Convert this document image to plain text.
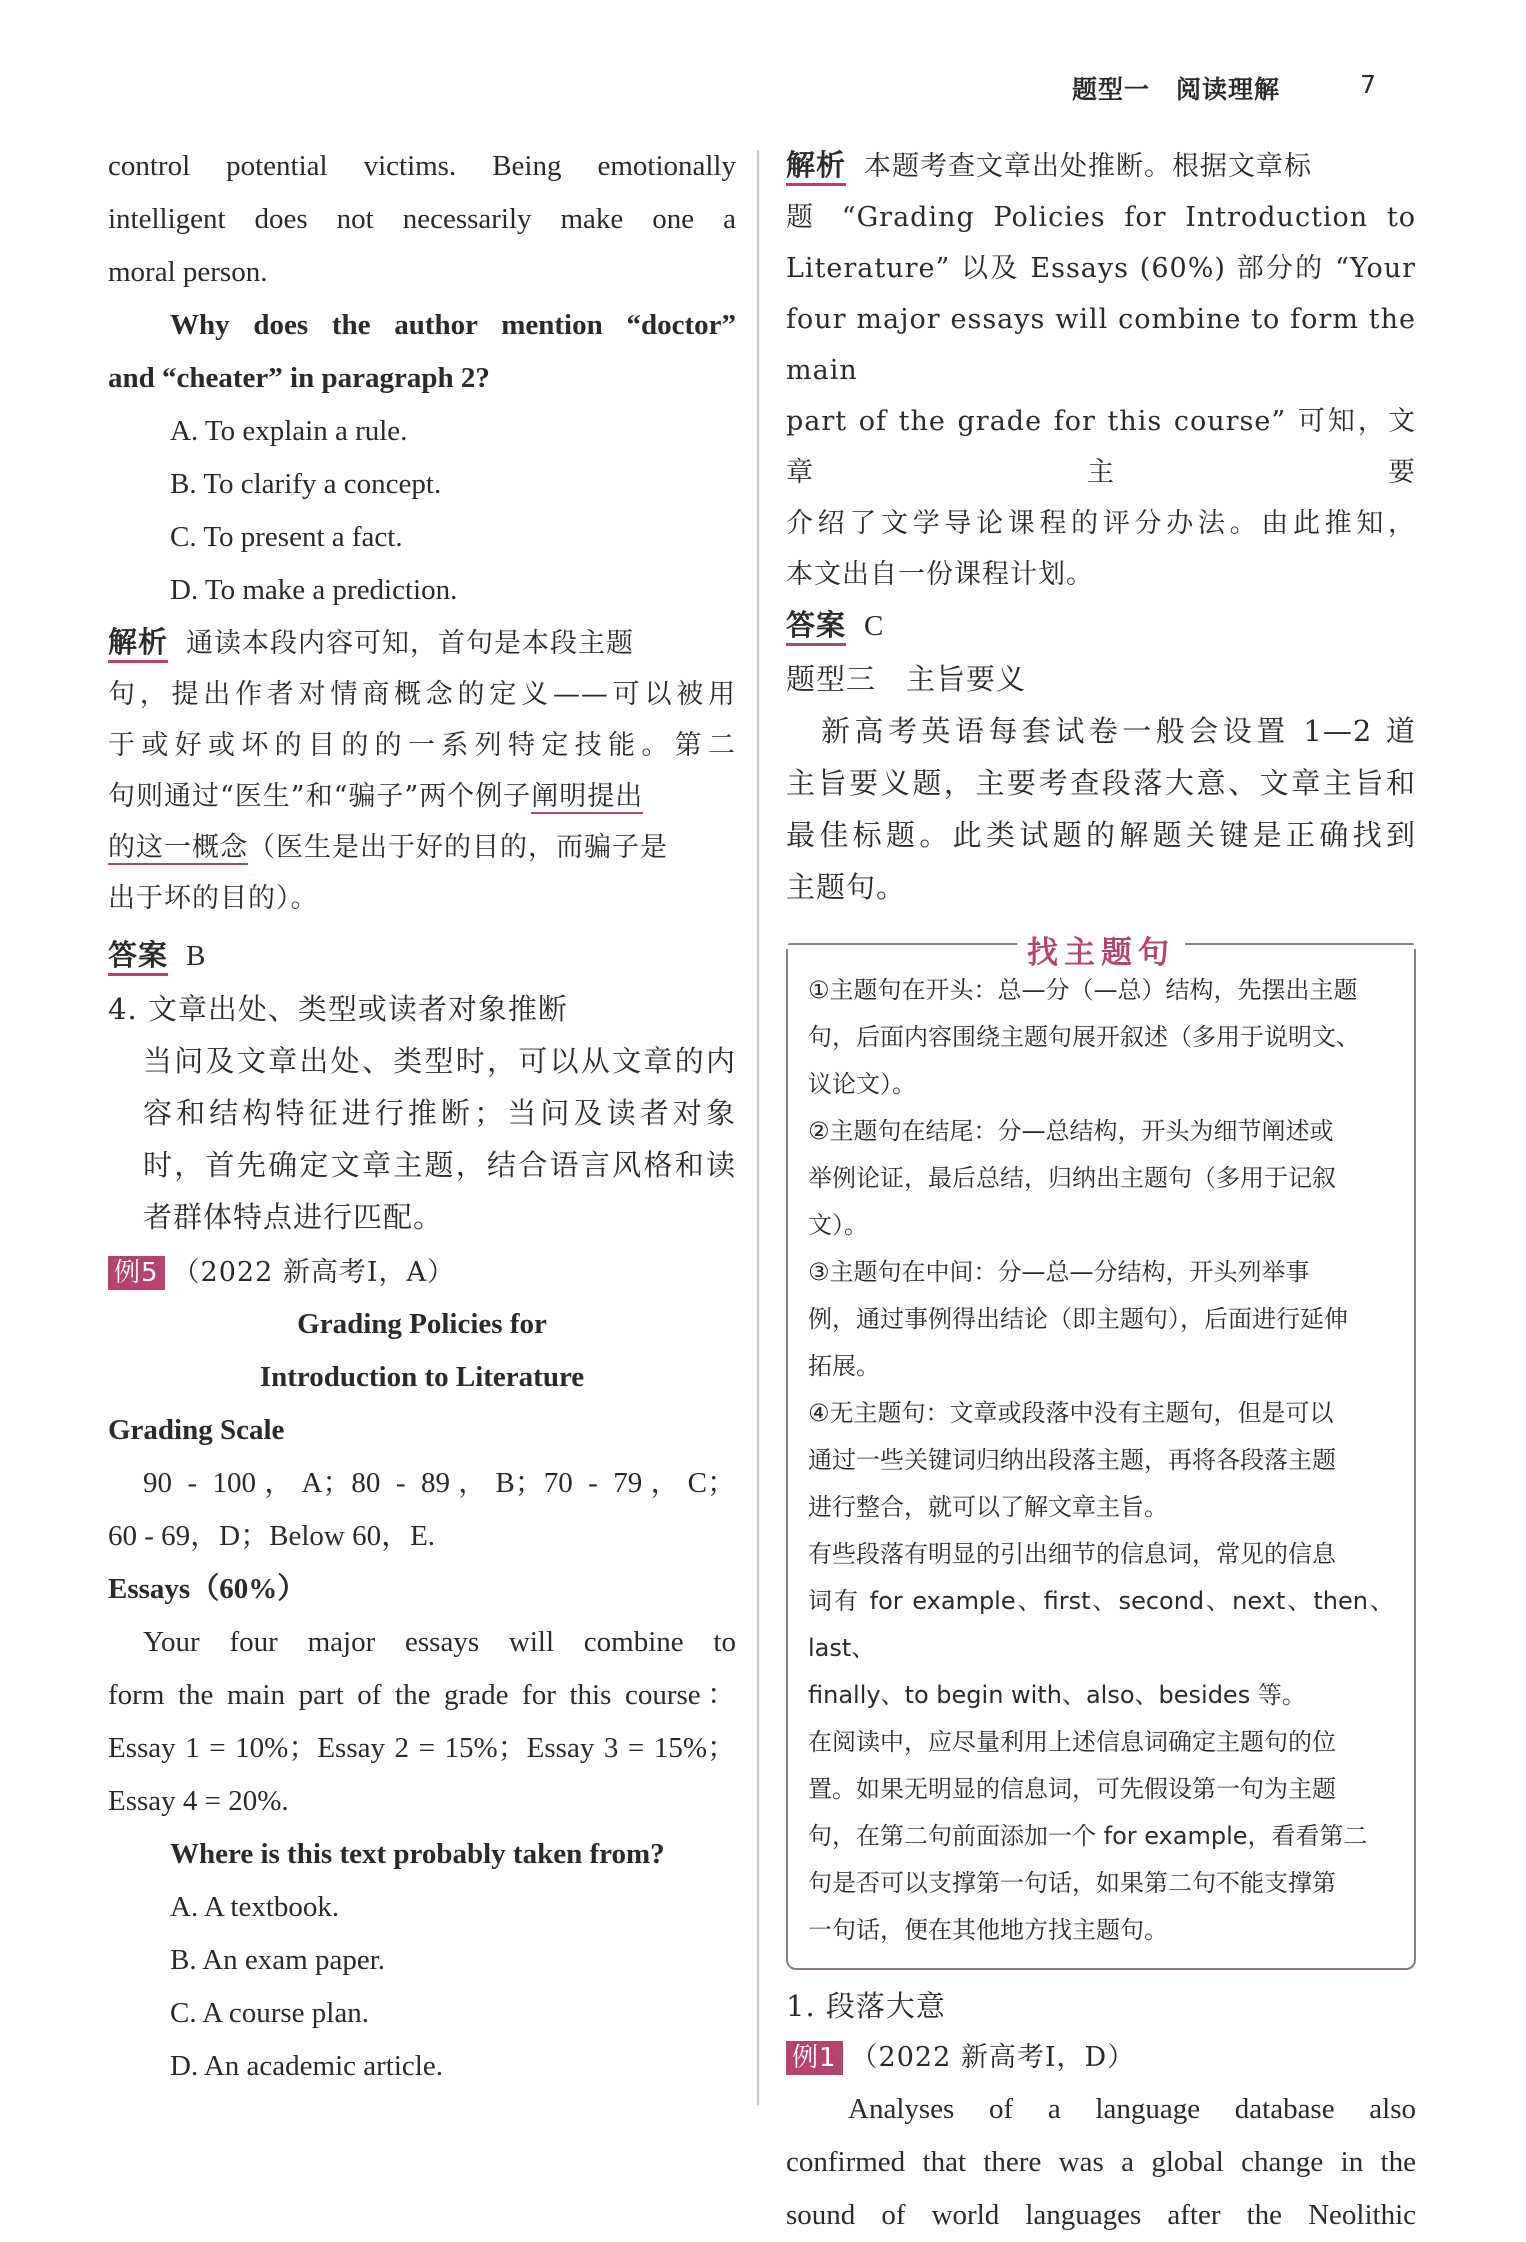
题型一　阅读理解	7

control potential victims. Being emotionally

intelligent does not necessarily make one a

moral person.

Why does the author mention “doctor”

and “cheater” in paragraph 2?

A. To explain a rule.

B. To clarify a concept.

C. To present a fact.

D. To make a prediction.

解析 通读本段内容可知，首句是本段主题

句，提出作者对情商概念的定义——可以被用

于或好或坏的目的的一系列特定技能。第二

句则通过“医生”和“骗子”两个例子阐明提出

的这一概念（医生是出于好的目的，而骗子是

出于坏的目的）。

答案 B

4. 文章出处、类型或读者对象推断

当问及文章出处、类型时，可以从文章的内

容和结构特征进行推断；当问及读者对象

时，首先确定文章主题，结合语言风格和读

者群体特点进行匹配。

例5 （2022 新高考Ⅰ，A）

Grading Policies for

Introduction to Literature

Grading Scale

90 - 100，A；80 - 89，B；70 - 79，C；

60 - 69，D；Below 60，E.

Essays（60%）

Your four major essays will combine to

form the main part of the grade for this course：

Essay 1 = 10%；Essay 2 = 15%；Essay 3 = 15%；

Essay 4 = 20%.

Where is this text probably taken from?

A. A textbook.

B. An exam paper.

C. A course plan.

D. An academic article.

解析 本题考查文章出处推断。根据文章标

题 “Grading Policies for Introduction to

Literature” 以及 Essays (60%) 部分的 “Your

four major essays will combine to form the main

part of the grade for this course” 可知，文章主要

介绍了文学导论课程的评分办法。由此推知，

本文出自一份课程计划。

答案 C

题型三　主旨要义

新高考英语每套试卷一般会设置 1—2 道

主旨要义题，主要考查段落大意、文章主旨和

最佳标题。此类试题的解题关键是正确找到

主题句。

找主题句

①主题句在开头：总—分（—总）结构，先摆出主题

句，后面内容围绕主题句展开叙述（多用于说明文、

议论文）。

②主题句在结尾：分—总结构，开头为细节阐述或

举例论证，最后总结，归纳出主题句（多用于记叙

文）。

③主题句在中间：分—总—分结构，开头列举事

例，通过事例得出结论（即主题句），后面进行延伸

拓展。

④无主题句：文章或段落中没有主题句，但是可以

通过一些关键词归纳出段落主题，再将各段落主题

进行整合，就可以了解文章主旨。

有些段落有明显的引出细节的信息词，常见的信息

词有 for example、first、second、next、then、last、

finally、to begin with、also、besides 等。

在阅读中，应尽量利用上述信息词确定主题句的位

置。如果无明显的信息词，可先假设第一句为主题

句，在第二句前面添加一个 for example，看看第二

句是否可以支撑第一句话，如果第二句不能支撑第

一句话，便在其他地方找主题句。

1. 段落大意

例1 （2022 新高考Ⅰ，D）

Analyses of a language database also

confirmed that there was a global change in the

sound of world languages after the Neolithic
